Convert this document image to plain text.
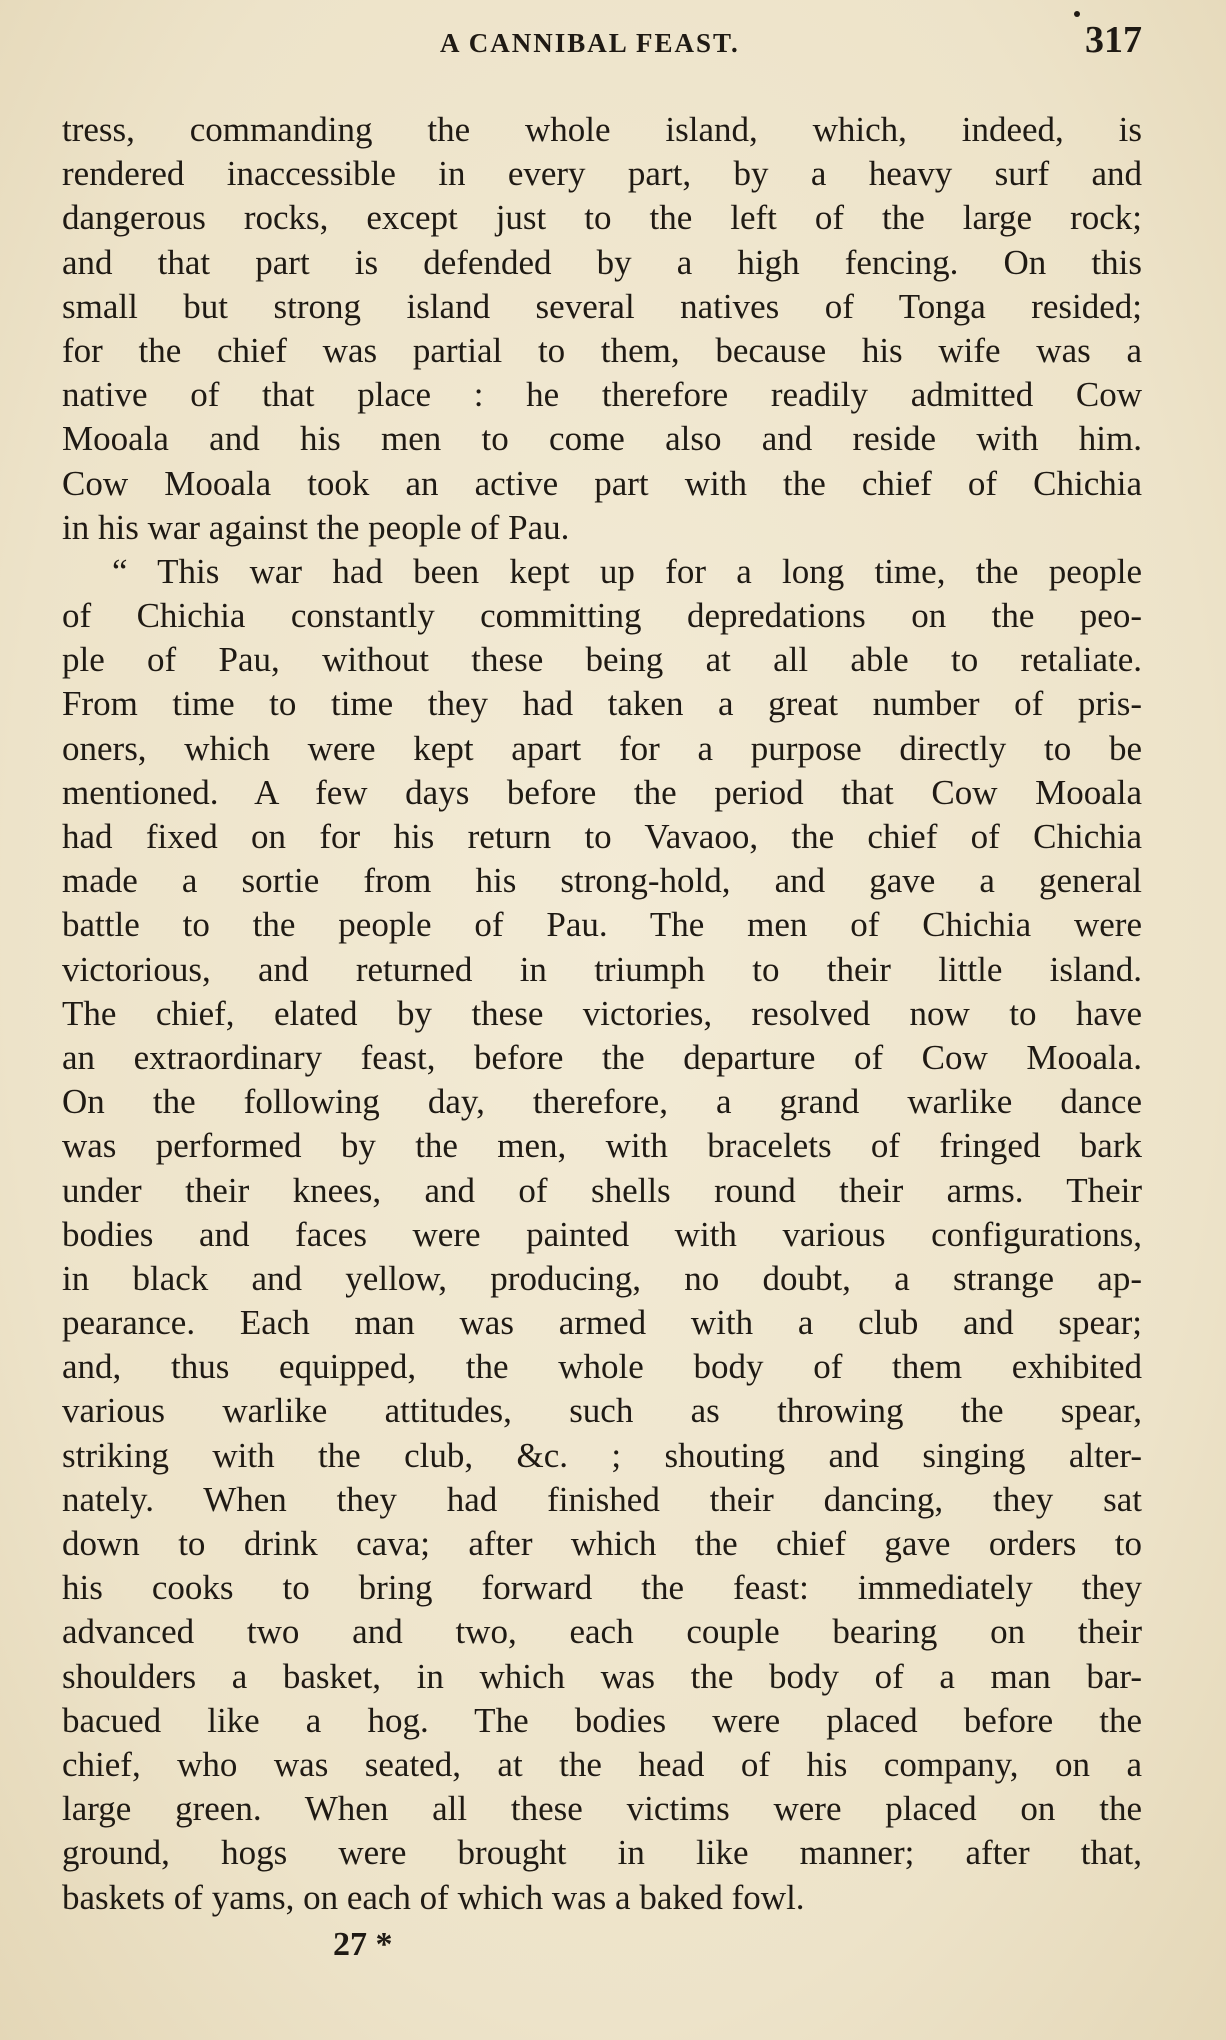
A CANNIBAL FEAST.	317
tress, commanding the whole island, which, indeed, is
rendered inaccessible in every part, by a heavy surf and
dangerous rocks, except just to the left of the large rock;
and that part is defended by a high fencing. On this
small but strong island several natives of Tonga resided;
for the chief was partial to them, because his wife was a
native of that place : he therefore readily admitted Cow
Mooala and his men to come also and reside with him.
Cow Mooala took an active part with the chief of Chichia
in his war against the people of Pau.
“ This war had been kept up for a long time, the people
of Chichia constantly committing depredations on the peo-
ple of Pau, without these being at all able to retaliate.
From time to time they had taken a great number of pris-
oners, which were kept apart for a purpose directly to be
mentioned. A few days before the period that Cow Mooala
had fixed on for his return to Vavaoo, the chief of Chichia
made a sortie from his strong-hold, and gave a general
battle to the people of Pau. The men of Chichia were
victorious, and returned in triumph to their little island.
The chief, elated by these victories, resolved now to have
an extraordinary feast, before the departure of Cow Mooala.
On the following day, therefore, a grand warlike dance
was performed by the men, with bracelets of fringed bark
under their knees, and of shells round their arms. Their
bodies and faces were painted with various configurations,
in black and yellow, producing, no doubt, a strange ap-
pearance. Each man was armed with a club and spear;
and, thus equipped, the whole body of them exhibited
various warlike attitudes, such as throwing the spear,
striking with the club, &c. ; shouting and singing alter-
nately. When they had finished their dancing, they sat
down to drink cava; after which the chief gave orders to
his cooks to bring forward the feast: immediately they
advanced two and two, each couple bearing on their
shoulders a basket, in which was the body of a man bar-
bacued like a hog. The bodies were placed before the
chief, who was seated, at the head of his company, on a
large green. When all these victims were placed on the
ground, hogs were brought in like manner; after that,
baskets of yams, on each of which was a baked fowl.
27 *
